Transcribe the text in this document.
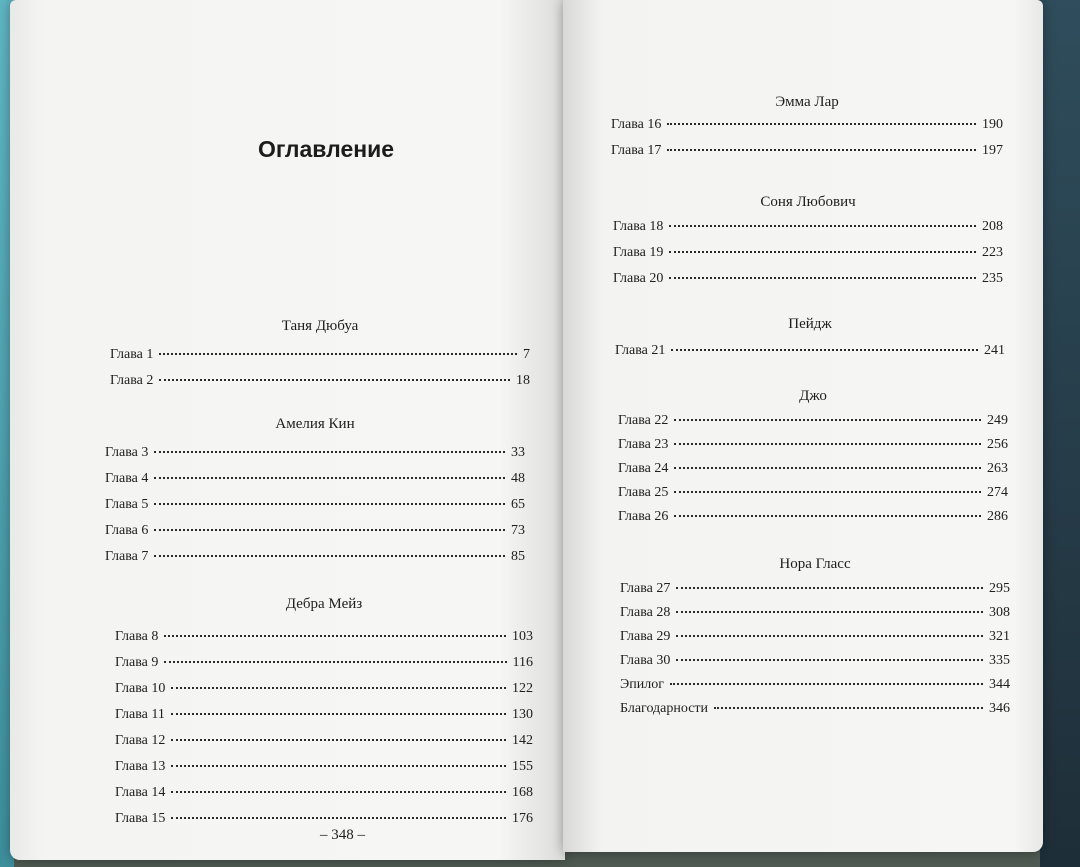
Оглавление

Таня Дюбуа

Глава 1	7
Глава 2	18

Амелия Кин

Глава 3	33
Глава 4	48
Глава 5	65
Глава 6	73
Глава 7	85

Дебра Мейз

Глава 8	103
Глава 9	116
Глава 10	122
Глава 11	130
Глава 12	142
Глава 13	155
Глава 14	168
Глава 15	176
– 348 –

Эмма Лар

Глава 16	190
Глава 17	197

Соня Любович

Глава 18	208
Глава 19	223
Глава 20	235

Пейдж

Глава 21	241

Джо

Глава 22	249
Глава 23	256
Глава 24	263
Глава 25	274
Глава 26	286

Нора Гласс

Глава 27	295
Глава 28	308
Глава 29	321
Глава 30	335
Эпилог	344
Благодарности	346
